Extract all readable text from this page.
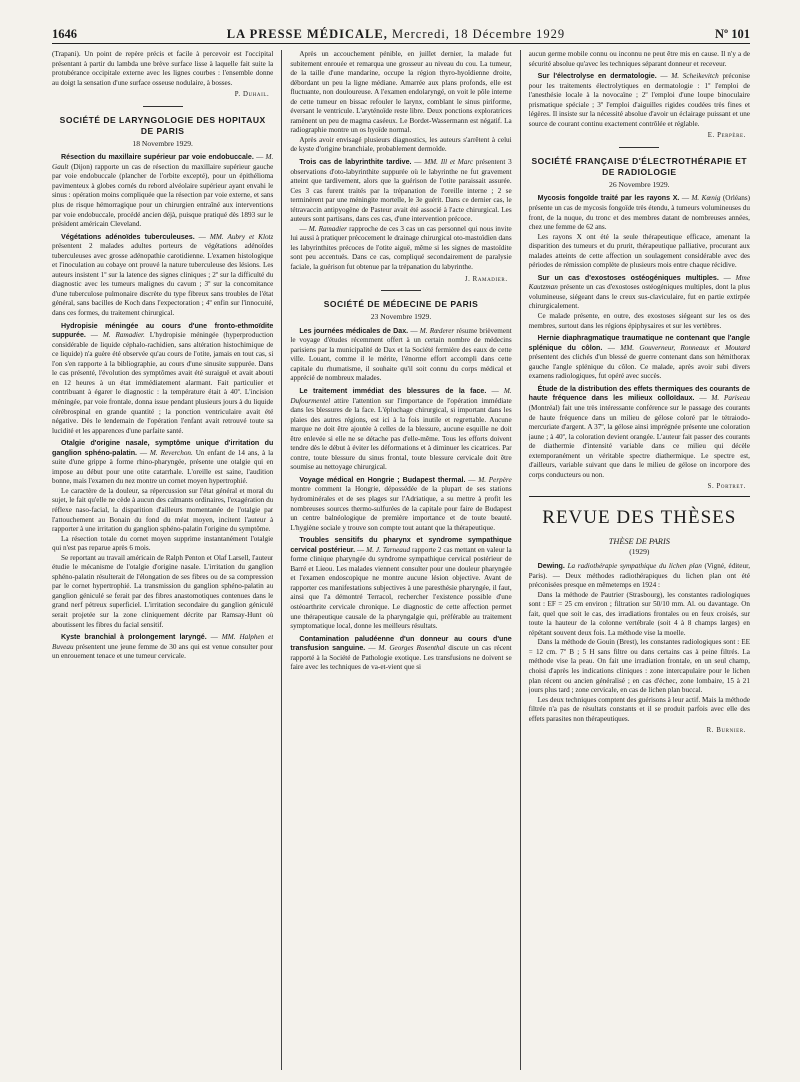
1646	LA PRESSE MÉDICALE, Mercredi, 18 Décembre 1929	Nº 101

(Trapani). Un point de repère précis et facile à percevoir est l'occipital présentant à partir du lambda une brève surface lisse à laquelle fait suite la protubérance occipitale externe avec les lignes courbes : l'ensemble donne au doigt la sensation d'une surface osseuse nodulaire, à bosses.

P. Duhail.
SOCIÉTÉ DE LARYNGOLOGIE DES HOPITAUX DE PARIS
18 Novembre 1929.

Résection du maxillaire supérieur par voie endobuccale. — M. Gault (Dijon) rapporte un cas de résection du maxillaire supérieur gauche par voie endobuccale (plancher de l'orbite excepté), pour un épithélioma pavimenteux à globes cornés du rebord alvéolaire supérieur ayant envahi le sinus : opération moins compliquée que la résection par voie externe, et sans plus de risque hémorragique pour un chirurgien entraîné aux interventions par voie endobuccale, procédé ancien déjà, puisque pratiqué dès 1893 sur le président américain Cleveland.

Végétations adénoïdes tuberculeuses. — MM. Aubry et Klotz présentent 2 malades adultes porteurs de végétations adénoïdes tuberculeuses avec grosse adénopathie carotidienne. L'examen histologique et l'inoculation au cobaye ont prouvé la nature tuberculeuse des lésions. Les auteurs insistent 1º sur la latence des signes cliniques ; 2º sur la difficulté du diagnostic avec les tumeurs malignes du cavum ; 3º sur la concomitance d'une tuberculose pulmonaire discrète du type fibreux sans troubles de l'état général, sans bacilles de Koch dans l'expectoration ; 4º enfin sur l'innocuité, dans ces formes, du traitement chirurgical.

Hydropisie méningée au cours d'une fronto-ethmoïdite suppurée. — M. Ramadier. L'hydropisie méningée (hyperproduction considérable de liquide céphalo-rachidien, sans altération histochimique de ce liquide) n'a guère été observée qu'au cours de l'otite, jamais en tout cas, si l'on s'en rapporte à la bibliographie, au cours d'une sinusite suppurée. Dans le cas présenté, l'évolution des symptômes avait été suraiguë et avait abouti en 12 heures à un état immédiatement alarmant. Fait particulier et contribuant à égarer le diagnostic : la température était à 40º. L'incision méningée, par voie frontale, donna issue pendant plusieurs jours à du liquide cérébrospinal en grande quantité ; la ponction ventriculaire avait été négative. Dès le lendemain de l'opération l'enfant avait retrouvé toute sa lucidité et les apparences d'une parfaite santé.

Otalgie d'origine nasale, symptôme unique d'irritation du ganglion sphéno-palatin. — M. Reverchon. Un enfant de 14 ans, à la suite d'une grippe à forme rhino-pharyngée, présente une otalgie qui en impose au début pour une otite catarrhale. L'oreille est saine, l'audition bonne, mais l'examen du nez montre un cornet moyen hypertrophié.

Le caractère de la douleur, sa répercussion sur l'état général et moral du sujet, le fait qu'elle ne cède à aucun des calmants ordinaires, l'exagération du réflexe naso-facial, la disparition d'ailleurs momentanée de l'otalgie par l'attouchement au Bonain du fond du méat moyen, incitent l'auteur à rapporter à une irritation du ganglion sphéno-palatin l'origine du symptôme.

La résection totale du cornet moyen supprime instantanément l'otalgie qui n'est pas reparue après 6 mois.

Se reportant au travail américain de Ralph Penton et Olaf Larsell, l'auteur étudie le mécanisme de l'otalgie d'origine nasale. L'irritation du ganglion sphéno-palatin résulterait de l'élongation de ses fibres ou de sa compression par le cornet hypertrophié. La transmission du ganglion sphéno-palatin au ganglion géniculé se ferait par des fibres anastomotiques contenues dans le grand nerf pétreux superficiel. L'irritation secondaire du ganglion géniculé serait projetée sur la zone cliniquement décrite par Ramsay-Hunt où aboutissent les fibres du facial sensitif.

Kyste branchial à prolongement laryngé. — MM. Halphen et Buveau présentent une jeune femme de 30 ans qui est venue consulter pour un enrouement tenace et une tumeur cervicale.

Après un accouchement pénible, en juillet dernier, la malade fut subitement enrouée et remarqua une grosseur au niveau du cou. La tumeur, de la taille d'une mandarine, occupe la région thyro-hyoïdienne droite, débordant un peu la ligne médiane. Amarrée aux plans profonds, elle est fluctuante, non douloureuse. A l'examen endolaryngé, on voit le pôle interne de cette tumeur en bissac refouler le larynx, comblant le sinus piriforme, éversant le ventricule. L'aryténoïde reste libre. Deux ponctions exploratrices ramènent un peu de magma caséeux. Le Bordet-Wassermann est négatif. La radiographie montre un os hyoïde normal.

Après avoir envisagé plusieurs diagnostics, les auteurs s'arrêtent à celui de kyste d'origine branchiale, probablement dermoïde.

Trois cas de labyrinthite tardive. — MM. Ill et Marc présentent 3 observations d'oto-labyrinthite suppurée où le labyrinthe ne fut gravement atteint que tardivement, alors que la guérison de l'otite paraissait assurée. Ces 3 cas furent traités par la trépanation de l'oreille interne ; 2 se terminèrent par une méningite mortelle, le 3e guérit. Dans ce dernier cas, le tétravaccin antipyogène de Pasteur avait été associé à l'acte chirurgical. Les auteurs sont partisans, dans ces cas, d'une intervention précoce.

— M. Ramadier rapproche de ces 3 cas un cas personnel qui nous invite lui aussi à pratiquer précocement le drainage chirurgical oto-mastoïdien dans les labyrinthites précoces de l'otite aiguë, même si les signes de mastoïdite sont peu accentués. Dans ce cas, compliqué secondairement de paralysie faciale, la guérison fut obtenue par la trépanation du labyrinthe.

J. Ramadier.
SOCIÉTÉ DE MÉDECINE DE PARIS
23 Novembre 1929.

Les journées médicales de Dax. — M. Rœderer résume brièvement le voyage d'études récemment offert à un certain nombre de médecins parisiens par la municipalité de Dax et la Société fermière des eaux de cette ville. Louant, comme il le mérite, l'énorme effort accompli dans cette capitale du rhumatisme, il souhaite qu'il soit connu du corps médical et apprécié de nombreux malades.

Le traitement immédiat des blessures de la face. — M. Dufourmentel attire l'attention sur l'importance de l'opération immédiate dans les blessures de la face. L'épluchage chirurgical, si important dans les plaies des autres régions, est ici à la fois inutile et regrettable. Aucune marque ne doit être ajoutée à celles de la blessure, aucune esquille ne doit être enlevée si elle ne se détache pas d'elle-même. Tous les efforts doivent tendre dès le début à éviter les déformations et à diminuer les cicatrices. Par contre, toute blessure du sinus frontal, toute blessure cervicale doit être soumise au nettoyage chirurgical.

Voyage médical en Hongrie ; Budapest thermal. — M. Perpère montre comment la Hongrie, dépossédée de la plupart de ses stations hydrominérales et de ses plages sur l'Adriatique, a su mettre à profit les nombreuses sources thermo-sulfurées de la capitale pour faire de Budapest un centre balnéologique de première importance et de toute beauté. L'hygiène sociale y trouve son compte tout autant que la thérapeutique.

Troubles sensitifs du pharynx et syndrome sympathique cervical postérieur. — M. J. Tarneaud rapporte 2 cas mettant en valeur la forme clinique pharyngée du syndrome sympathique cervical postérieur de Barré et Lieou. Les malades viennent consulter pour une douleur pharyngée et l'examen endoscopique ne montre aucune lésion objective. Avant de rapporter ces manifestations subjectives à une paresthésie pharyngée, il faut, ainsi que l'a démontré Terracol, rechercher l'existence possible d'une ostéoarthrite cervicale chronique. Le diagnostic de cette affection permet une thérapeutique causale de la pharyngalgie qui, préférable au traitement symptomatique local, donne les meilleurs résultats.

Contamination paludéenne d'un donneur au cours d'une transfusion sanguine. — M. Georges Rosenthal discute un cas récent rapporté à la Société de Pathologie exotique. Les transfusions ne doivent se faire avec les techniques de va-et-vient que si

aucun germe mobile connu ou inconnu ne peut être mis en cause. Il n'y a de sécurité absolue qu'avec les techniques séparant donneur et receveur.

Sur l'électrolyse en dermatologie. — M. Scheikevitch préconise pour les traitements électrolytiques en dermatologie : 1º l'emploi de l'anesthésie locale à la novocaïne ; 2º l'emploi d'une loupe binoculaire prismatique spéciale ; 3º l'emploi d'aiguilles rigides coudées très fines et légères. Il insiste sur la nécessité absolue d'avoir un éclairage puissant et une source de courant continu exactement contrôlée et réglable.

E. Perpère.
SOCIÉTÉ FRANÇAISE D'ÉLECTROTHÉRAPIE ET DE RADIOLOGIE
26 Novembre 1929.

Mycosis fongoïde traité par les rayons X. — M. Kœnig (Orléans) présente un cas de mycosis fongoïde très étendu, à tumeurs volumineuses du front, de la nuque, du tronc et des membres datant de nombreuses années, chez une femme de 62 ans.

Les rayons X ont été la seule thérapeutique efficace, amenant la disparition des tumeurs et du prurit, thérapeutique palliative, procurant aux malades atteints de cette affection un soulagement considérable avec des périodes de rémission complète de plusieurs mois entre chaque récidive.

Sur un cas d'exostoses ostéogéniques multiples. — Mme Kautzman présente un cas d'exostoses ostéogéniques multiples, dont la plus volumineuse, siégeant dans le creux sus-claviculaire, fut en partie extirpée chirurgicalement.

Ce malade présente, en outre, des exostoses siégeant sur les os des membres, surtout dans les régions épiphysaires et sur les vertèbres.

Hernie diaphragmatique traumatique ne contenant que l'angle splénique du côlon. — MM. Gouverneur, Ronneaux et Moutard présentent des clichés d'un blessé de guerre contenant dans son hémithorax gauche l'angle splénique du côlon. Ce malade, après avoir subi divers examens radiologiques, fut opéré avec succès.

Étude de la distribution des effets thermiques des courants de haute fréquence dans les milieux colloïdaux. — M. Pariseau (Montréal) fait une très intéressante conférence sur le passage des courants de haute fréquence dans un milieu de gélose coloré par le tétraiodo-mercuriate d'argent. A 37º, la gélose ainsi imprégnée présente une coloration jaune ; à 40º, la coloration devient orangée. L'auteur fait passer des courants de diathermie d'intensité variable dans ce milieu qui décèle extemporanément un véritable spectre diathermique. Le spectre est, d'ailleurs, variable suivant que dans le milieu de gélose on incorpore des corps conducteurs ou non.

S. Portret.
REVUE DES THÈSES
THÈSE DE PARIS
(1929)

Dewing. La radiothérapie sympathique du lichen plan (Vigné, éditeur, Paris). — Deux méthodes radiothérapiques du lichen plan ont été préconisées presque en mêmetemps en 1924 :

Dans la méthode de Pautrier (Strasbourg), les constantes radiologiques sont : EF = 25 cm environ ; filtration sur 50/10 mm. Al. ou davantage. On fait, quel que soit le cas, des irradiations frontales ou en feux croisés, sur toute la hauteur de la colonne vertébrale (soit 4 à 8 champs larges) en répétant souvent deux fois. La méthode vise la moelle.

Dans la méthode de Gouin (Brest), les constantes radiologiques sont : EE = 12 cm. 7º B ; 5 H sans filtre ou dans certains cas à peine filtrés. La méthode vise la peau. On fait une irradiation frontale, en un seul champ, choisi d'après les indications cliniques : zone intercapulaire pour le lichen plan récent ou ancien généralisé ; en cas d'échec, zone lombaire, 15 à 21 jours plus tard ; zone cervicale, en cas de lichen plan buccal.

Les deux techniques comptent des guérisons à leur actif. Mais la méthode filtrée n'a pas de résultats constants et il se produit parfois avec elle des effets parasites non thérapeutiques.

R. Burnier.
